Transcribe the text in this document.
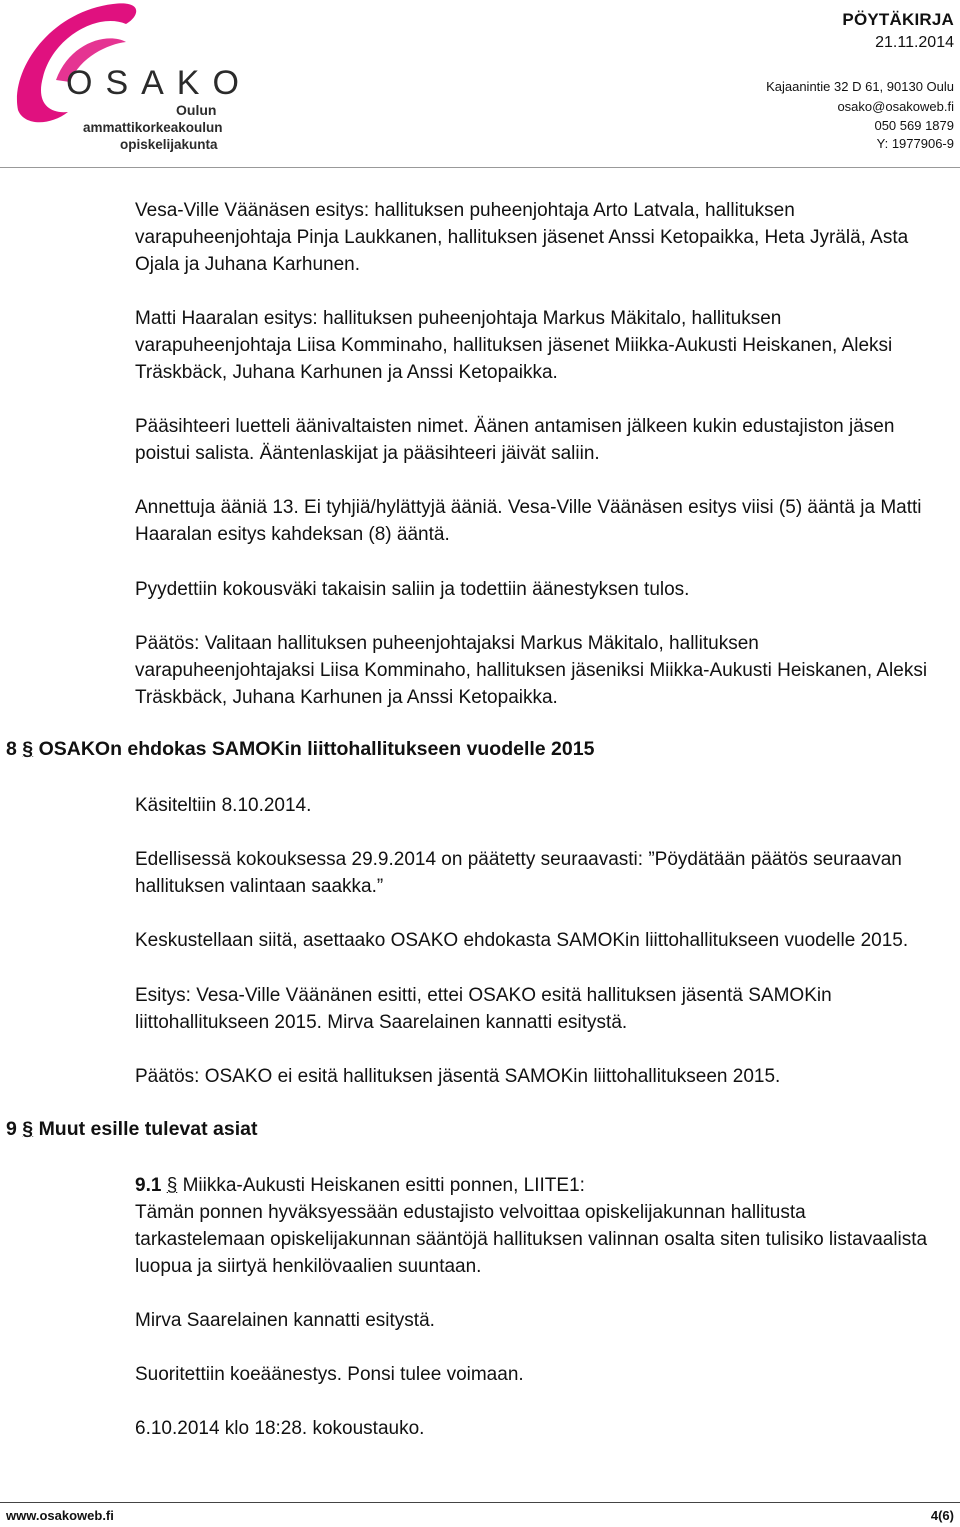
OSAKO
Oulun
ammattikorkeakoulun
opiskelijakunta
PÖYTÄKIRJA
21.11.2014
Kajaanintie 32 D 61, 90130 Oulu
osako@osakoweb.fi
050 569 1879
Y: 1977906-9
Vesa-Ville Väänäsen esitys: hallituksen puheenjohtaja Arto Latvala, hallituksen varapuheenjohtaja Pinja Laukkanen, hallituksen jäsenet Anssi Ketopaikka, Heta Jyrälä, Asta Ojala ja Juhana Karhunen.
Matti Haaralan esitys: hallituksen puheenjohtaja Markus Mäkitalo, hallituksen varapuheenjohtaja Liisa Komminaho, hallituksen jäsenet Miikka-Aukusti Heiskanen, Aleksi Träskbäck, Juhana Karhunen ja Anssi Ketopaikka.
Pääsihteeri luetteli äänivaltaisten nimet. Äänen antamisen jälkeen kukin edustajiston jäsen poistui salista. Ääntenlaskijat ja pääsihteeri jäivät saliin.
Annettuja ääniä 13. Ei tyhjiä/hylättyjä ääniä. Vesa-Ville Väänäsen esitys viisi (5) ääntä ja Matti Haaralan esitys kahdeksan (8) ääntä.
Pyydettiin kokousväki takaisin saliin ja todettiin äänestyksen tulos.
Päätös: Valitaan hallituksen puheenjohtajaksi Markus Mäkitalo, hallituksen varapuheenjohtajaksi Liisa Komminaho, hallituksen jäseniksi Miikka-Aukusti Heiskanen, Aleksi Träskbäck, Juhana Karhunen ja Anssi Ketopaikka.
8 § OSAKOn ehdokas SAMOKin liittohallitukseen vuodelle 2015
Käsiteltiin 8.10.2014.
Edellisessä kokouksessa 29.9.2014 on päätetty seuraavasti: ”Pöydätään päätös seuraavan hallituksen valintaan saakka.”
Keskustellaan siitä, asettaako OSAKO ehdokasta SAMOKin liittohallitukseen vuodelle 2015.
Esitys: Vesa-Ville Väänänen esitti, ettei OSAKO esitä hallituksen jäsentä SAMOKin liittohallitukseen 2015. Mirva Saarelainen kannatti esitystä.
Päätös: OSAKO ei esitä hallituksen jäsentä SAMOKin liittohallitukseen 2015.
9 § Muut esille tulevat asiat
9.1 § Miikka-Aukusti Heiskanen esitti ponnen, LIITE1:
Tämän ponnen hyväksyessään edustajisto velvoittaa opiskelijakunnan hallitusta tarkastelemaan opiskelijakunnan sääntöjä hallituksen valinnan osalta siten tulisiko listavaalista luopua ja siirtyä henkilövaalien suuntaan.
Mirva Saarelainen kannatti esitystä.
Suoritettiin koeäänestys. Ponsi tulee voimaan.
6.10.2014 klo 18:28. kokoustauko.
www.osakoweb.fi	4(6)
